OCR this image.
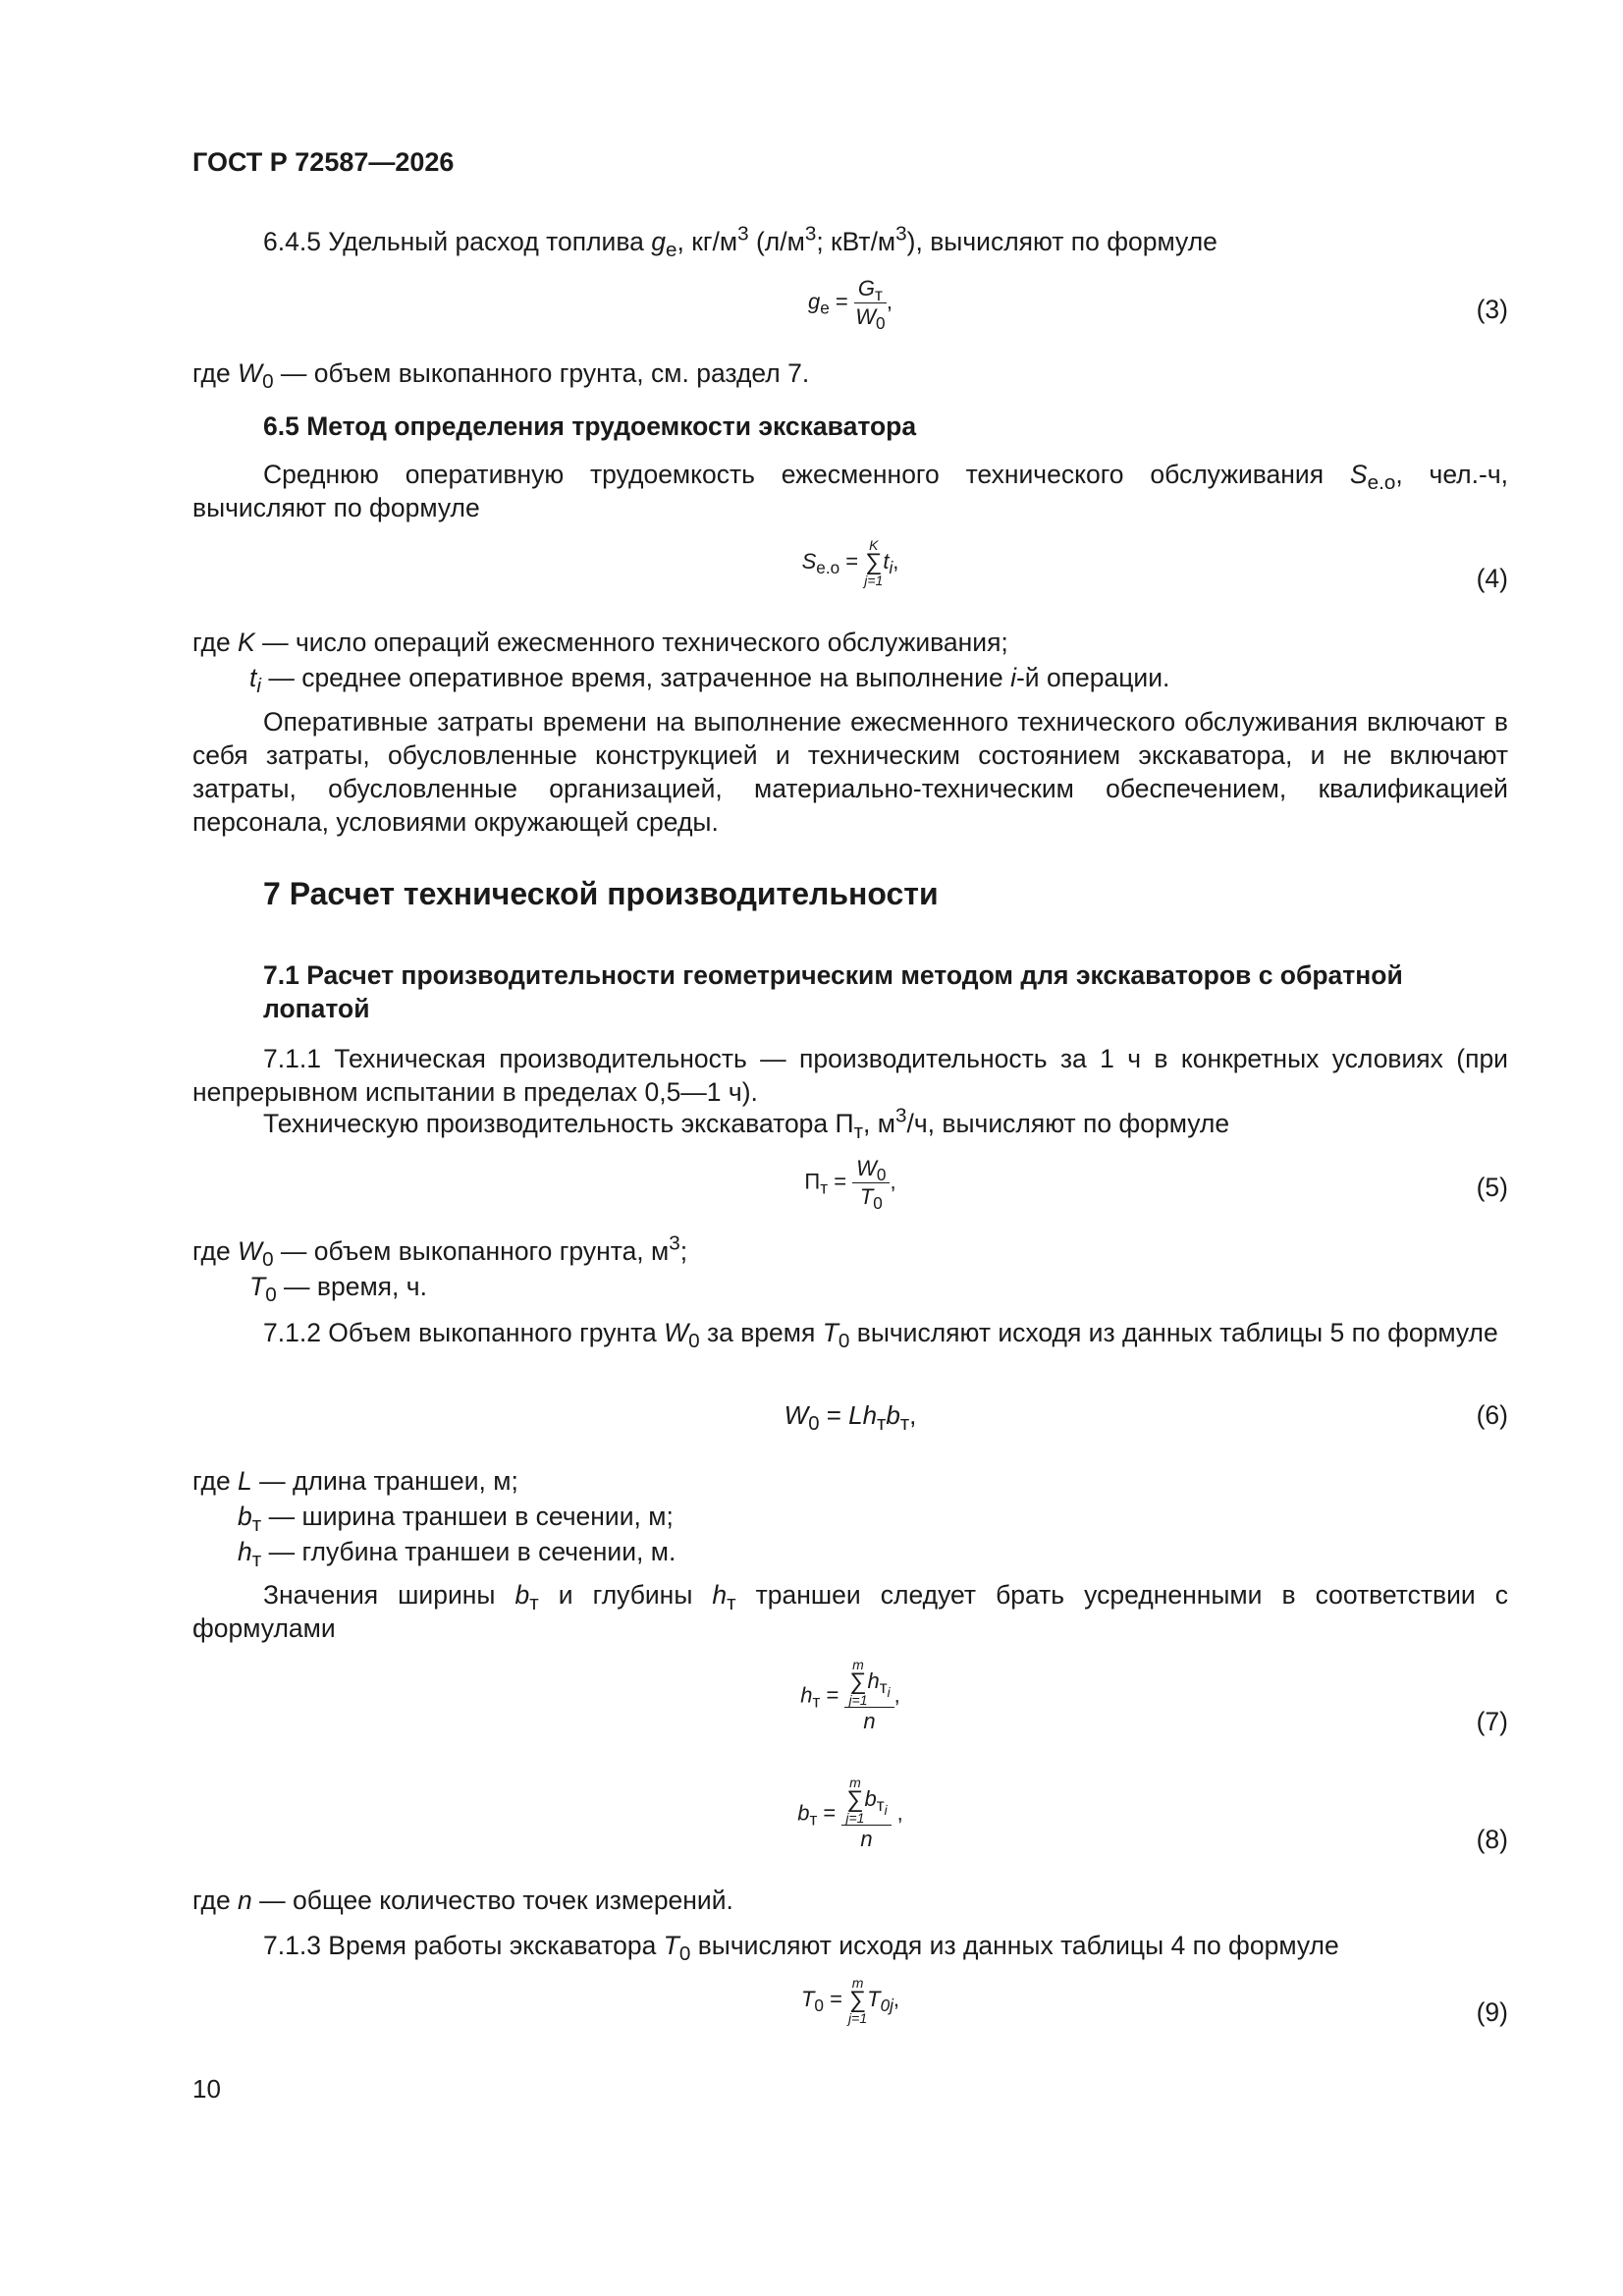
ГОСТ Р 72587—2026
6.4.5 Удельный расход топлива $g_e$, $кг/м^3$ ($л/м^3$; кВт/$м^3$), вычисляют по формуле
$g_e = \frac{G_т}{W_0}$ ,	(3)
где $W_0$ — объем выкопанного грунта, см. раздел 7.
6.5 Метод определения трудоемкости экскаватора
Среднюю оперативную трудоемкость ежесменного технического обслуживания $S_{e.o}$, чел.-ч, вычисляют по формуле
$S_{e.o}$ =
K
∑
j=1
$t_i$,
(4)
где K — число операций ежесменного технического обслуживания;
$t_i$ — среднее оперативное время, затраченное на выполнение i-й операции.
Оперативные затраты времени на выполнение ежесменного технического обслуживания включают в себя затраты, обусловленные конструкцией и техническим состоянием экскаватора, и не включают затраты, обусловленные организацией, материально-техническим обеспечением, квалификацией персонала, условиями окружающей среды.
7 Расчет технической производительности
7.1 Расчет производительности геометрическим методом для экскаваторов с обратной лопатой
7.1.1 Техническая производительность — производительность за 1 ч в конкретных условиях (при непрерывном испытании в пределах 0,5—1 ч).
Техническую производительность экскаватора $П_т$, $м^3/ч$, вычисляют по формуле
$П_т = \frac{W_0}{T_0}$ ,	(5)
где $W_0$ — объем выкопанного грунта, $м^3$;
$T_0$ — время, ч.
7.1.2 Объем выкопанного грунта $W_0$ за время $T_0$ вычисляют исходя из данных таблицы 5 по формуле
$W_0 = Lh_тb_т$,	(6)
где L — длина траншеи, м;
$b_т$ — ширина траншеи в сечении, м;
$h_т$ — глубина траншеи в сечении, м.
Значения ширины $b_т$ и глубины $h_т$ траншеи следует брать усредненными в соответствии с формулами
$h_т = m$
∑
j=1
$h_{т_i}$
n ,
(7)
$b_т = m$
∑
j=1
$b_{т_i}$
n ,
(8)
где n — общее количество точек измерений.
7.1.3 Время работы экскаватора $T_0$ вычисляют исходя из данных таблицы 4 по формуле
$T_0$ =
m
∑
j=1
$T_{0j}$,	(9)
10
